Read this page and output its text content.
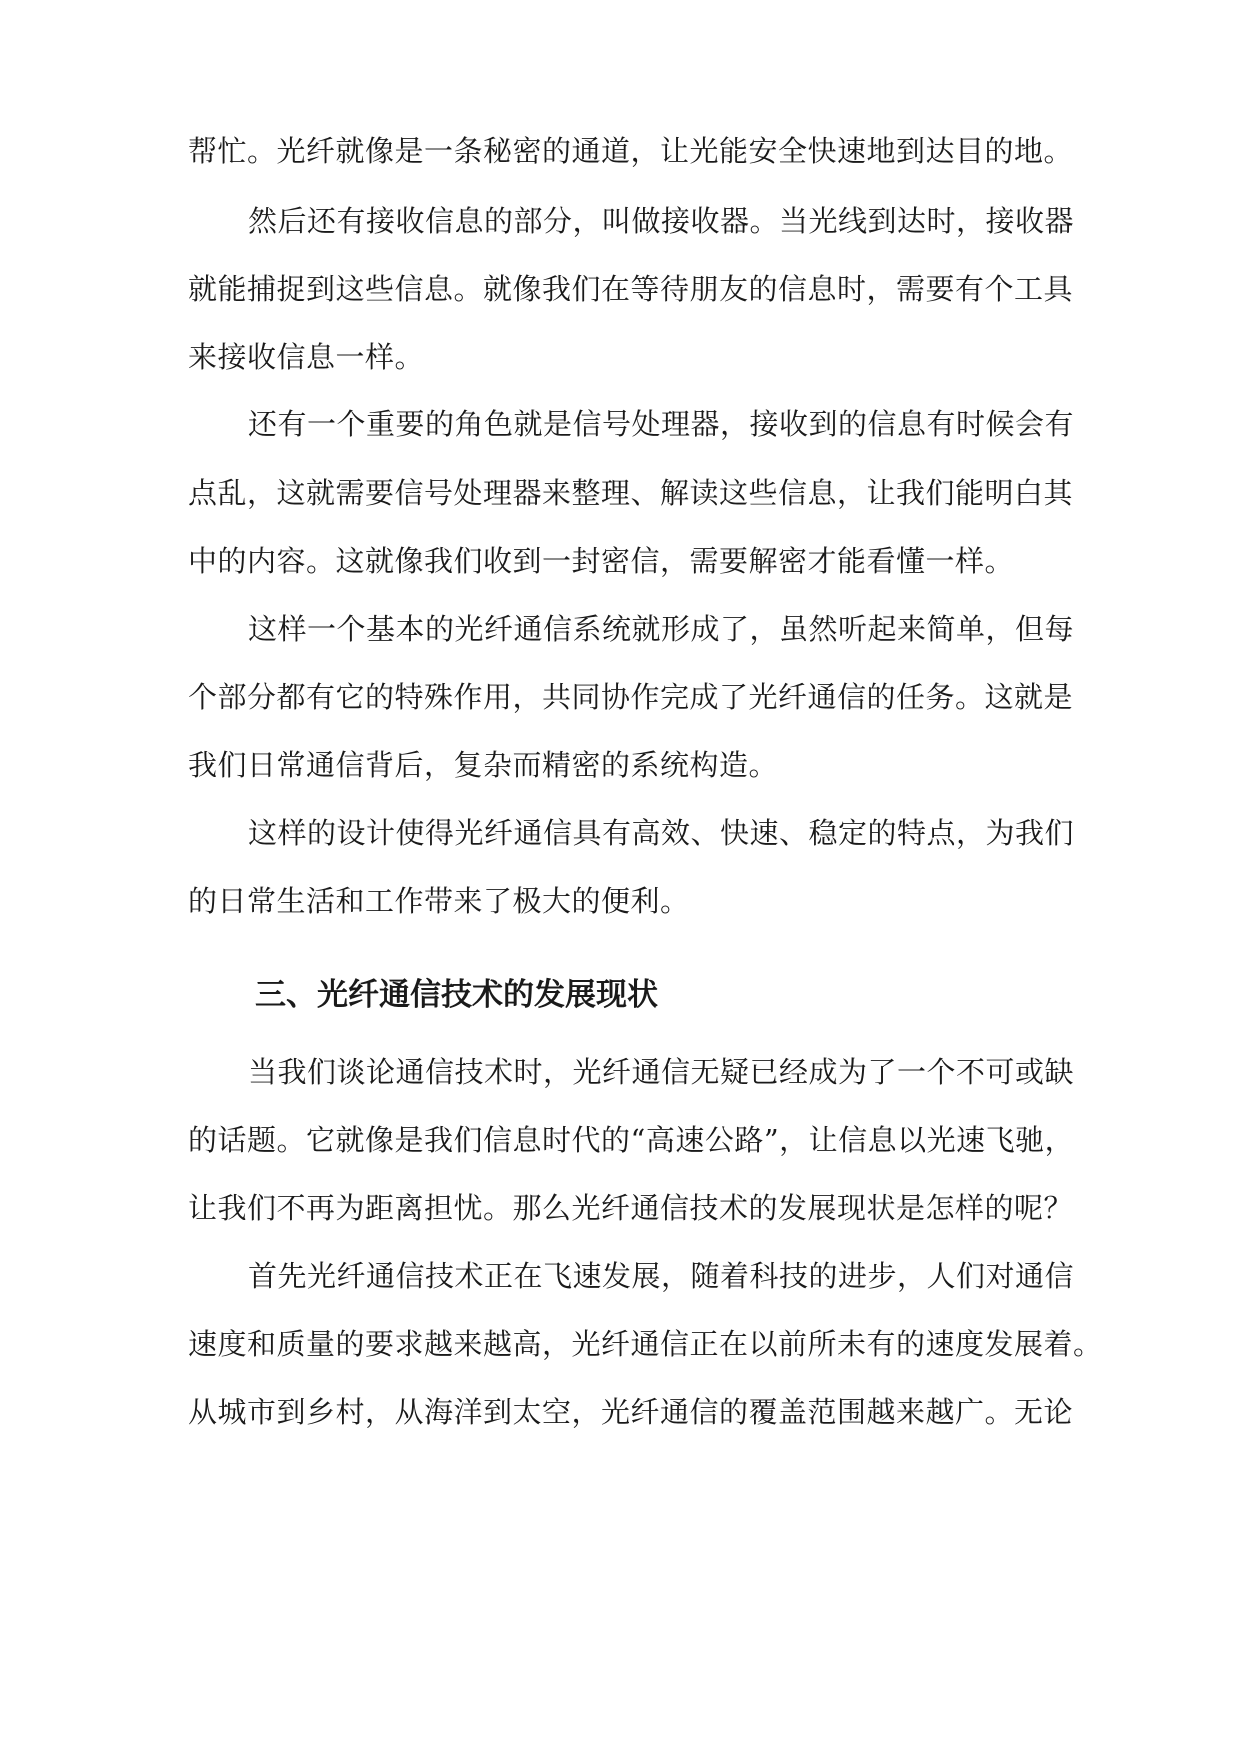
帮忙。光纤就像是一条秘密的通道，让光能安全快速地到达目的地。
然后还有接收信息的部分，叫做接收器。当光线到达时，接收器
就能捕捉到这些信息。就像我们在等待朋友的信息时，需要有个工具
来接收信息一样。
还有一个重要的角色就是信号处理器，接收到的信息有时候会有
点乱，这就需要信号处理器来整理、解读这些信息，让我们能明白其
中的内容。这就像我们收到一封密信，需要解密才能看懂一样。
这样一个基本的光纤通信系统就形成了，虽然听起来简单，但每
个部分都有它的特殊作用，共同协作完成了光纤通信的任务。这就是
我们日常通信背后，复杂而精密的系统构造。
这样的设计使得光纤通信具有高效、快速、稳定的特点，为我们
的日常生活和工作带来了极大的便利。
三、光纤通信技术的发展现状
当我们谈论通信技术时，光纤通信无疑已经成为了一个不可或缺
的话题。它就像是我们信息时代的“高速公路”，让信息以光速飞驰，
让我们不再为距离担忧。那么光纤通信技术的发展现状是怎样的呢？
首先光纤通信技术正在飞速发展，随着科技的进步，人们对通信
速度和质量的要求越来越高，光纤通信正在以前所未有的速度发展着。
从城市到乡村，从海洋到太空，光纤通信的覆盖范围越来越广。无论
